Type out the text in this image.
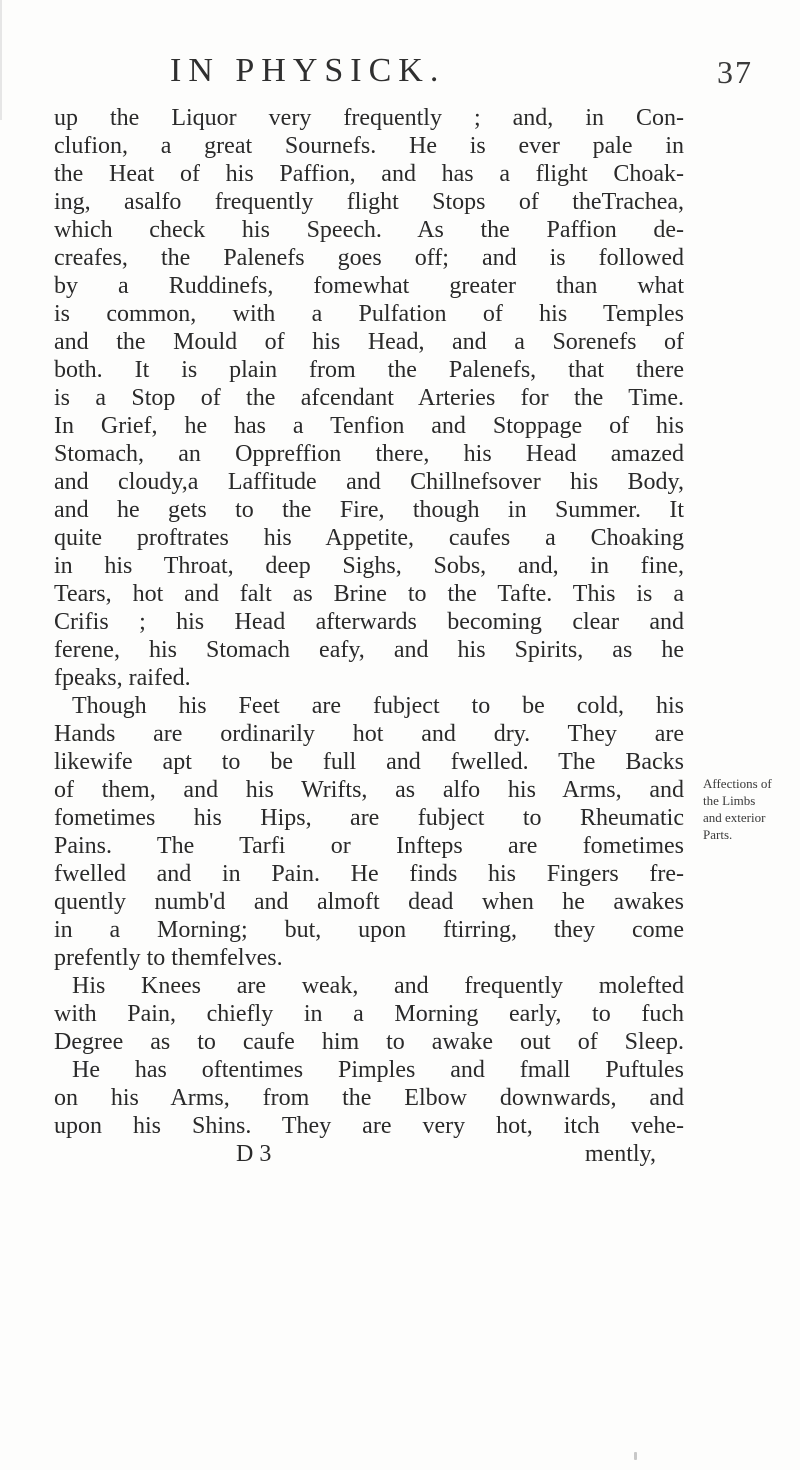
IN PHYSICK.	37
up the Liquor very frequently ; and, in Con-
clufion, a great Sournefs. He is ever pale in
the Heat of his Paffion, and has a flight Choak-
ing, asalfo frequently flight Stops of theTrachea,
which check his Speech. As the Paffion de-
creafes, the Palenefs goes off; and is followed
by a Ruddinefs, fomewhat greater than what
is common, with a Pulfation of his Temples
and the Mould of his Head, and a Sorenefs of
both. It is plain from the Palenefs, that there
is a Stop of the afcendant Arteries for the Time.
In Grief, he has a Tenfion and Stoppage of his
Stomach, an Oppreffion there, his Head amazed
and cloudy,a Laffitude and Chillnefsover his Body,
and he gets to the Fire, though in Summer. It
quite proftrates his Appetite, caufes a Choaking
in his Throat, deep Sighs, Sobs, and, in fine,
Tears, hot and falt as Brine to the Tafte. This is a
Crifis ; his Head afterwards becoming clear and
ferene, his Stomach eafy, and his Spirits, as he
fpeaks, raifed.
Though his Feet are fubject to be cold, his
Hands are ordinarily hot and dry. They are
likewife apt to be full and fwelled. The Backs
of them, and his Wrifts, as alfo his Arms, and
fometimes his Hips, are fubject to Rheumatic
Pains. The Tarfi or Infteps are fometimes
fwelled and in Pain. He finds his Fingers fre-
quently numb'd and almoft dead when he awakes
in a Morning; but, upon ftirring, they come
prefently to themfelves.
His Knees are weak, and frequently molefted
with Pain, chiefly in a Morning early, to fuch
Degree as to caufe him to awake out of Sleep.
He has oftentimes Pimples and fmall Puftules
on his Arms, from the Elbow downwards, and
upon his Shins. They are very hot, itch vehe-
D 3	mently,
Affections of
the Limbs
and exterior
Parts.
